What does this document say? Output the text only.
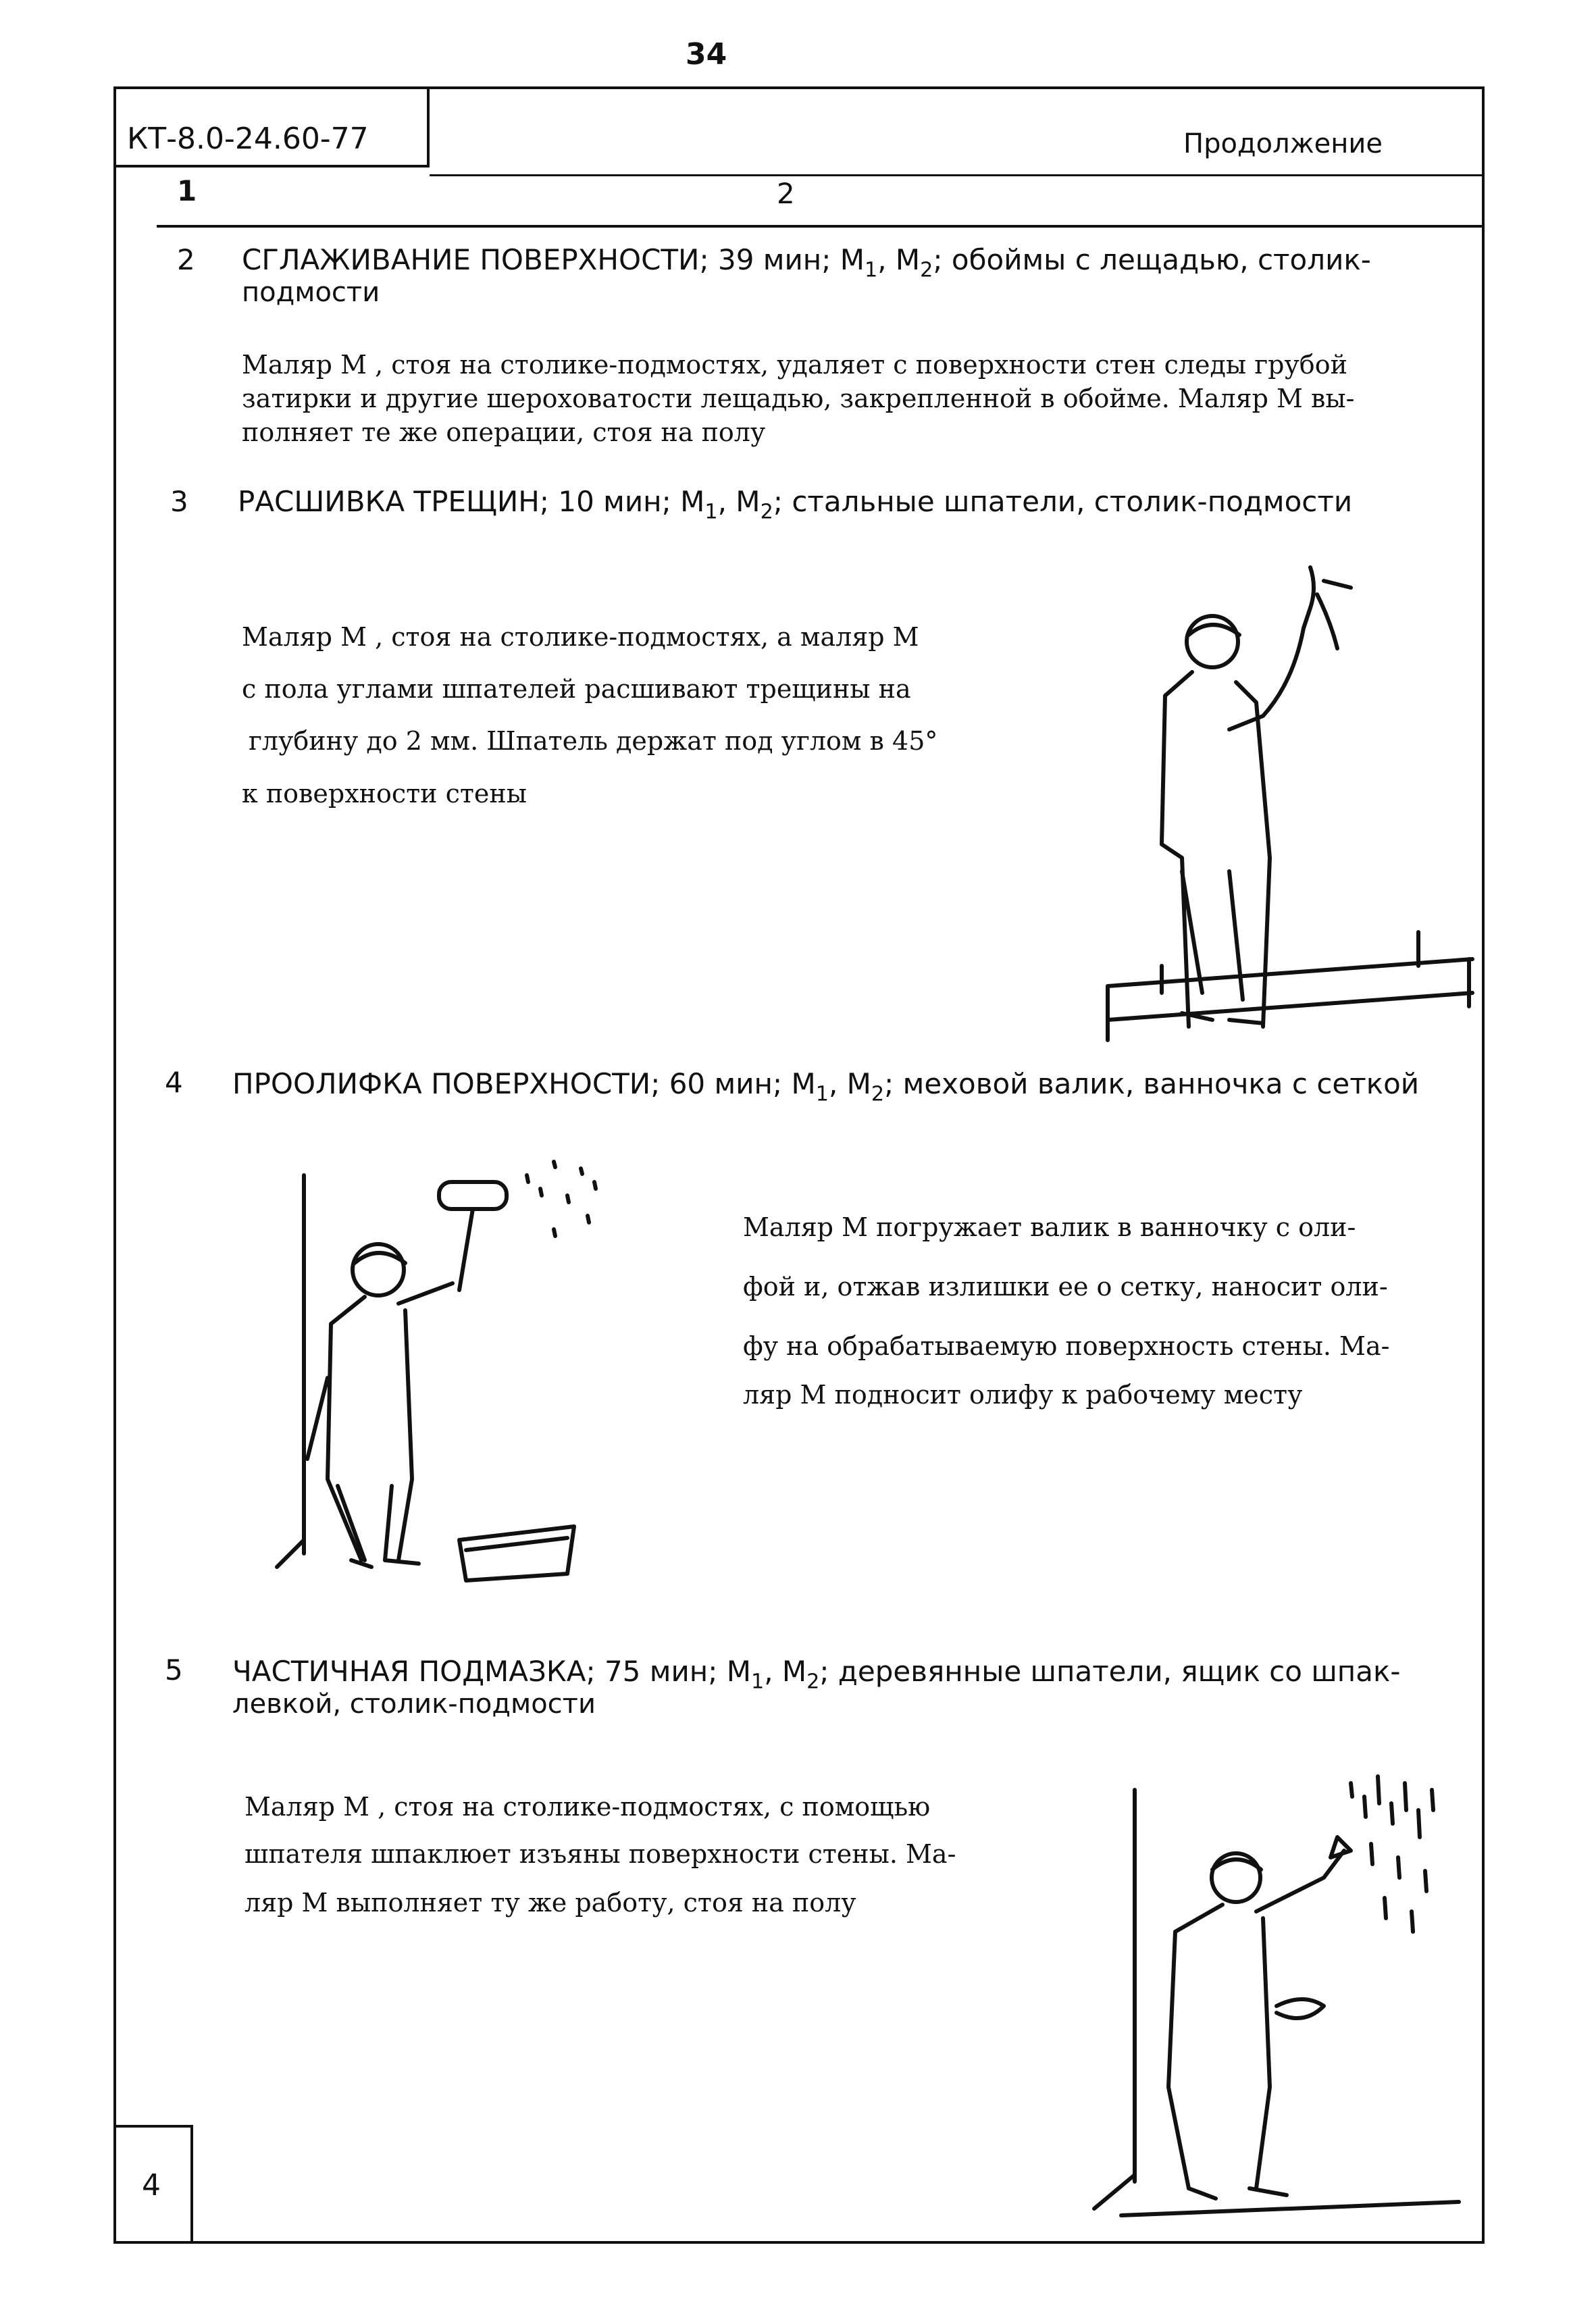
34
КТ-8.0-24.60-77	Продолжение
1	2
2 СГЛАЖИВАНИЕ ПОВЕРХНОСТИ; 39 мин; $М_1$, $М_2$; обоймы с лещадью, столик-
подмости
Маляр М , стоя на столике-подмостях, удаляет с поверхности стен следы грубой
затирки и другие шероховатости лещадью, закрепленной в обойме. Маляр М вы-
полняет те же операции, стоя на полу
3 РАСШИВКА ТРЕЩИН; 10 мин; $М_1$, $М_2$; стальные шпатели, столик-подмости
Маляр М , стоя на столике-подмостях, а маляр М
с пола углами шпателей расшивают трещины на
глубину до 2 мм. Шпатель держат под углом в 45°
к поверхности стены
4 ПРООЛИФКА ПОВЕРХНОСТИ; 60 мин; $М_1$, $М_2$; меховой валик, ванночка с сеткой
Маляр М погружает валик в ванночку с оли-
фой и, отжав излишки ее о сетку, наносит оли-
фу на обрабатываемую поверхность стены. Ма-
ляр М подносит олифу к рабочему месту
5 ЧАСТИЧНАЯ ПОДМАЗКА; 75 мин; $М_1$, $М_2$; деревянные шпатели, ящик со шпак-
левкой, столик-подмости
Маляр М , стоя на столике-подмостях, с помощью
шпателя шпаклюет изъяны поверхности стены. Ма-
ляр М выполняет ту же работу, стоя на полу
4
